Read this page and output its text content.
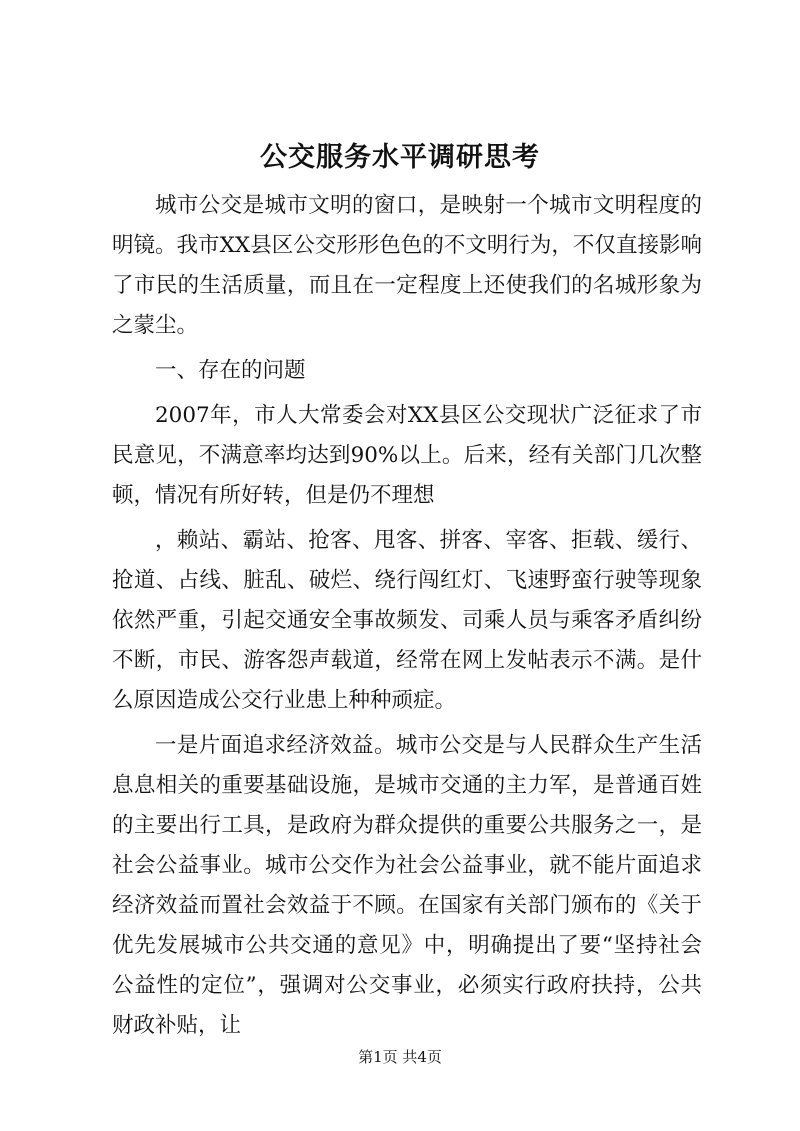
公交服务水平调研思考

城市公交是城市文明的窗口，是映射一个城市文明程度的明镜。我市XX县区公交形形色色的不文明行为，不仅直接影响了市民的生活质量，而且在一定程度上还使我们的名城形象为之蒙尘。

一、存在的问题

2007年，市人大常委会对XX县区公交现状广泛征求了市民意见，不满意率均达到90%以上。后来，经有关部门几次整顿，情况有所好转，但是仍不理想

，赖站、霸站、抢客、甩客、拼客、宰客、拒载、缓行、抢道、占线、脏乱、破烂、绕行闯红灯、飞速野蛮行驶等现象依然严重，引起交通安全事故频发、司乘人员与乘客矛盾纠纷不断，市民、游客怨声载道，经常在网上发帖表示不满。是什么原因造成公交行业患上种种顽症。

一是片面追求经济效益。城市公交是与人民群众生产生活息息相关的重要基础设施，是城市交通的主力军，是普通百姓的主要出行工具，是政府为群众提供的重要公共服务之一，是社会公益事业。城市公交作为社会公益事业，就不能片面追求经济效益而置社会效益于不顾。在国家有关部门颁布的《关于优先发展城市公共交通的意见》中，明确提出了要“坚持社会公益性的定位”，强调对公交事业，必须实行政府扶持，公共财政补贴，让

第1页 共4页
